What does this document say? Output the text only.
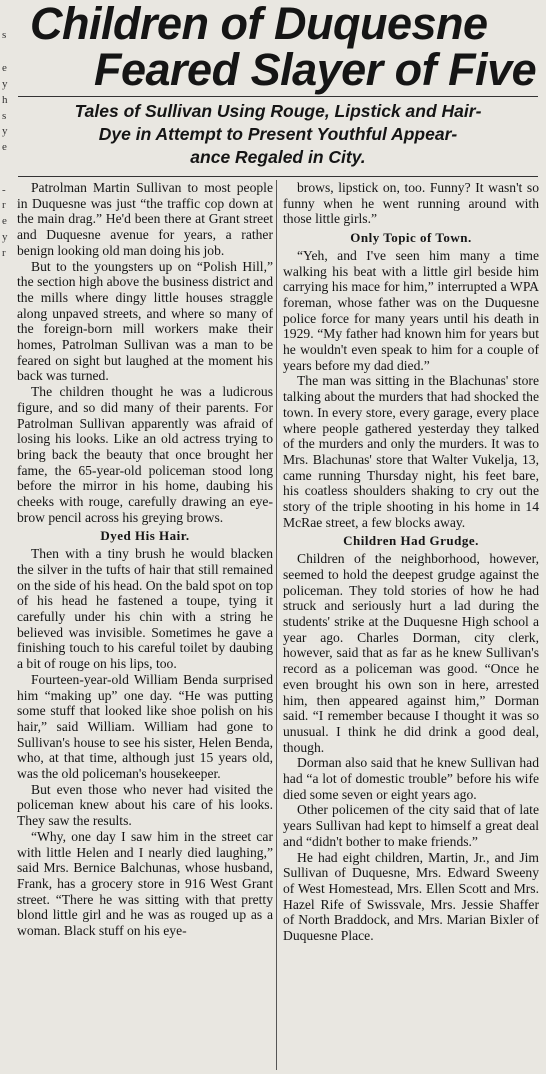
s
e
y
h
s
y
e
-
r
e
y
r
Children of Duquesne
Feared Slayer of Five
Tales of Sullivan Using Rouge, Lipstick and Hair-
Dye in Attempt to Present Youthful Appear-
ance Regaled in City.

Patrolman Martin Sullivan to most people in Duquesne was just “the traffic cop down at the main drag.” He'd been there at Grant street and Duquesne avenue for years, a rather benign looking old man doing his job.

But to the youngsters up on “Polish Hill,” the section high above the business district and the mills where dingy little houses straggle along unpaved streets, and where so many of the foreign-born mill workers make their homes, Patrolman Sullivan was a man to be feared on sight but laughed at the moment his back was turned.

The children thought he was a ludicrous figure, and so did many of their parents. For Patrolman Sullivan apparently was afraid of losing his looks. Like an old actress trying to bring back the beauty that once brought her fame, the 65-year-old policeman stood long before the mirror in his home, daubing his cheeks with rouge, carefully drawing an eye-brow pencil across his greying brows.

Dyed His Hair.

Then with a tiny brush he would blacken the silver in the tufts of hair that still remained on the side of his head. On the bald spot on top of his head he fastened a toupe, tying it carefully under his chin with a string he believed was invisible. Sometimes he gave a finishing touch to his careful toilet by daubing a bit of rouge on his lips, too.

Fourteen-year-old William Benda surprised him “making up” one day. “He was putting some stuff that looked like shoe polish on his hair,” said William. William had gone to Sullivan's house to see his sister, Helen Benda, who, at that time, although just 15 years old, was the old policeman's housekeeper.

But even those who never had visited the policeman knew about his care of his looks. They saw the results.

“Why, one day I saw him in the street car with little Helen and I nearly died laughing,” said Mrs. Bernice Balchunas, whose husband, Frank, has a grocery store in 916 West Grant street. “There he was sitting with that pretty blond little girl and he was as rouged up as a woman. Black stuff on his eye-

brows, lipstick on, too. Funny? It wasn't so funny when he went running around with those little girls.”

Only Topic of Town.

“Yeh, and I've seen him many a time walking his beat with a little girl beside him carrying his mace for him,” interrupted a WPA foreman, whose father was on the Duquesne police force for many years until his death in 1929. “My father had known him for years but he wouldn't even speak to him for a couple of years before my dad died.”

The man was sitting in the Blachunas' store talking about the murders that had shocked the town. In every store, every garage, every place where people gathered yesterday they talked of the murders and only the murders. It was to Mrs. Blachunas' store that Walter Vukelja, 13, came running Thursday night, his feet bare, his coatless shoulders shaking to cry out the story of the triple shooting in his home in 14 McRae street, a few blocks away.

Children Had Grudge.

Children of the neighborhood, however, seemed to hold the deepest grudge against the policeman. They told stories of how he had struck and seriously hurt a lad during the students' strike at the Duquesne High school a year ago. Charles Dorman, city clerk, however, said that as far as he knew Sullivan's record as a policeman was good. “Once he even brought his own son in here, arrested him, then appeared against him,” Dorman said. “I remember because I thought it was so unusual. I think he did drink a good deal, though.

Dorman also said that he knew Sullivan had had “a lot of domestic trouble” before his wife died some seven or eight years ago.

Other policemen of the city said that of late years Sullivan had kept to himself a great deal and “didn't bother to make friends.”

He had eight children, Martin, Jr., and Jim Sullivan of Duquesne, Mrs. Edward Sweeny of West Homestead, Mrs. Ellen Scott and Mrs. Hazel Rife of Swissvale, Mrs. Jessie Shaffer of North Braddock, and Mrs. Marian Bixler of Duquesne Place.
